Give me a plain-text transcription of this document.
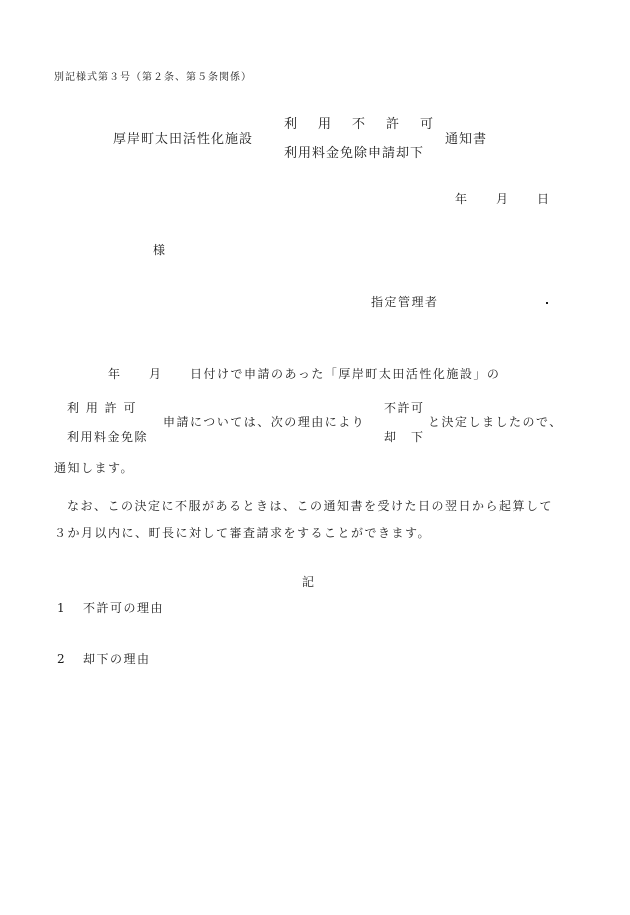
別記様式第３号（第２条、第５条関係）
厚岸町太田活性化施設
利　用　不　許　可
利用料金免除申請却下
通知書
年 月 日
様
指定管理者
年 月 日付けで申請のあった「厚岸町太田活性化施設」の
利 用 許 可
利用料金免除
申請については、次の理由により
不許可
却　下
と決定しましたので、
通知します。
なお、この決定に不服があるときは、この通知書を受けた日の翌日から起算して
３か月以内に、町長に対して審査請求をすることができます。
記
1 不許可の理由
2 却下の理由
